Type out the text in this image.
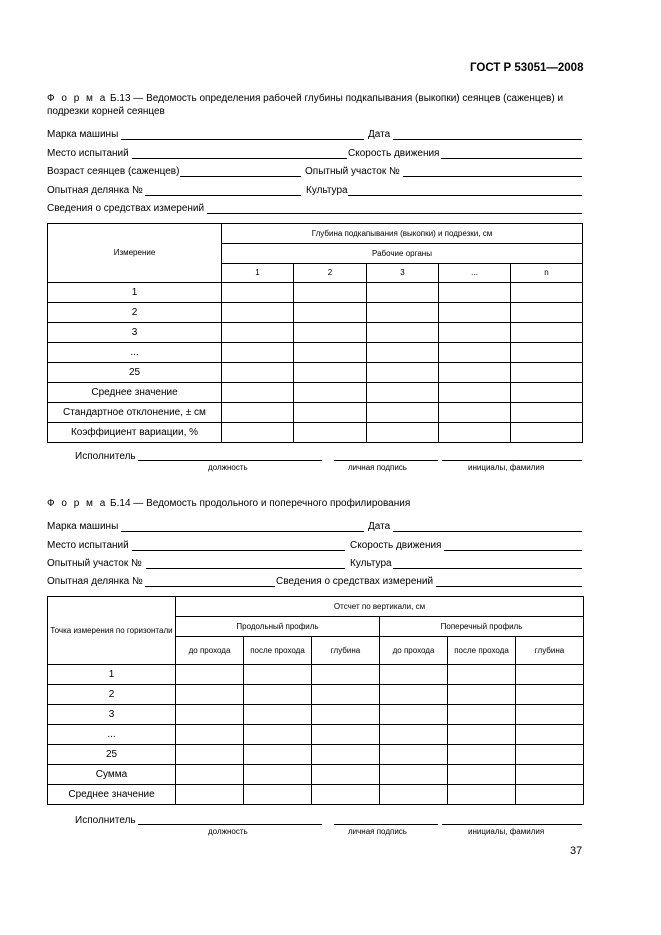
ГОСТ Р 53051—2008
Ф о р м а Б.13 — Ведомость определения рабочей глубины подкапывания (выкопки) сеянцев (саженцев) и подрезки корней сеянцев
Марка машины	Дата
Место испытаний	Скорость движения
Возраст сеянцев (саженцев)	Опытный участок №
Опытная делянка №	Культура
Сведения о средствах измерений
Измерение	Глубина подкапывания (выкопки) и подрезки, см				
	Рабочие органы				
	1	2	3	...	n
1					
2					
3					
...					
25					
Среднее значение					
Стандартное отклонение, ± см					
Коэффициент вариации, %					
Исполнитель
должность	личная подпись	инициалы, фамилия
Ф о р м а Б.14 — Ведомость продольного и поперечного профилирования
Марка машины	Дата
Место испытаний	Скорость движения
Опытный участок №	Культура
Опытная делянка №	Сведения о средствах измерений
Точка измерения по горизонтали	Отсчет по вертикали, см					
	Продольный профиль			Поперечный профиль		
	до прохода	после прохода	глубина	до прохода	после прохода	глубина
1						
2						
3						
...						
25						
Сумма						
Среднее значение						
Исполнитель
должность	личная подпись	инициалы, фамилия
37
